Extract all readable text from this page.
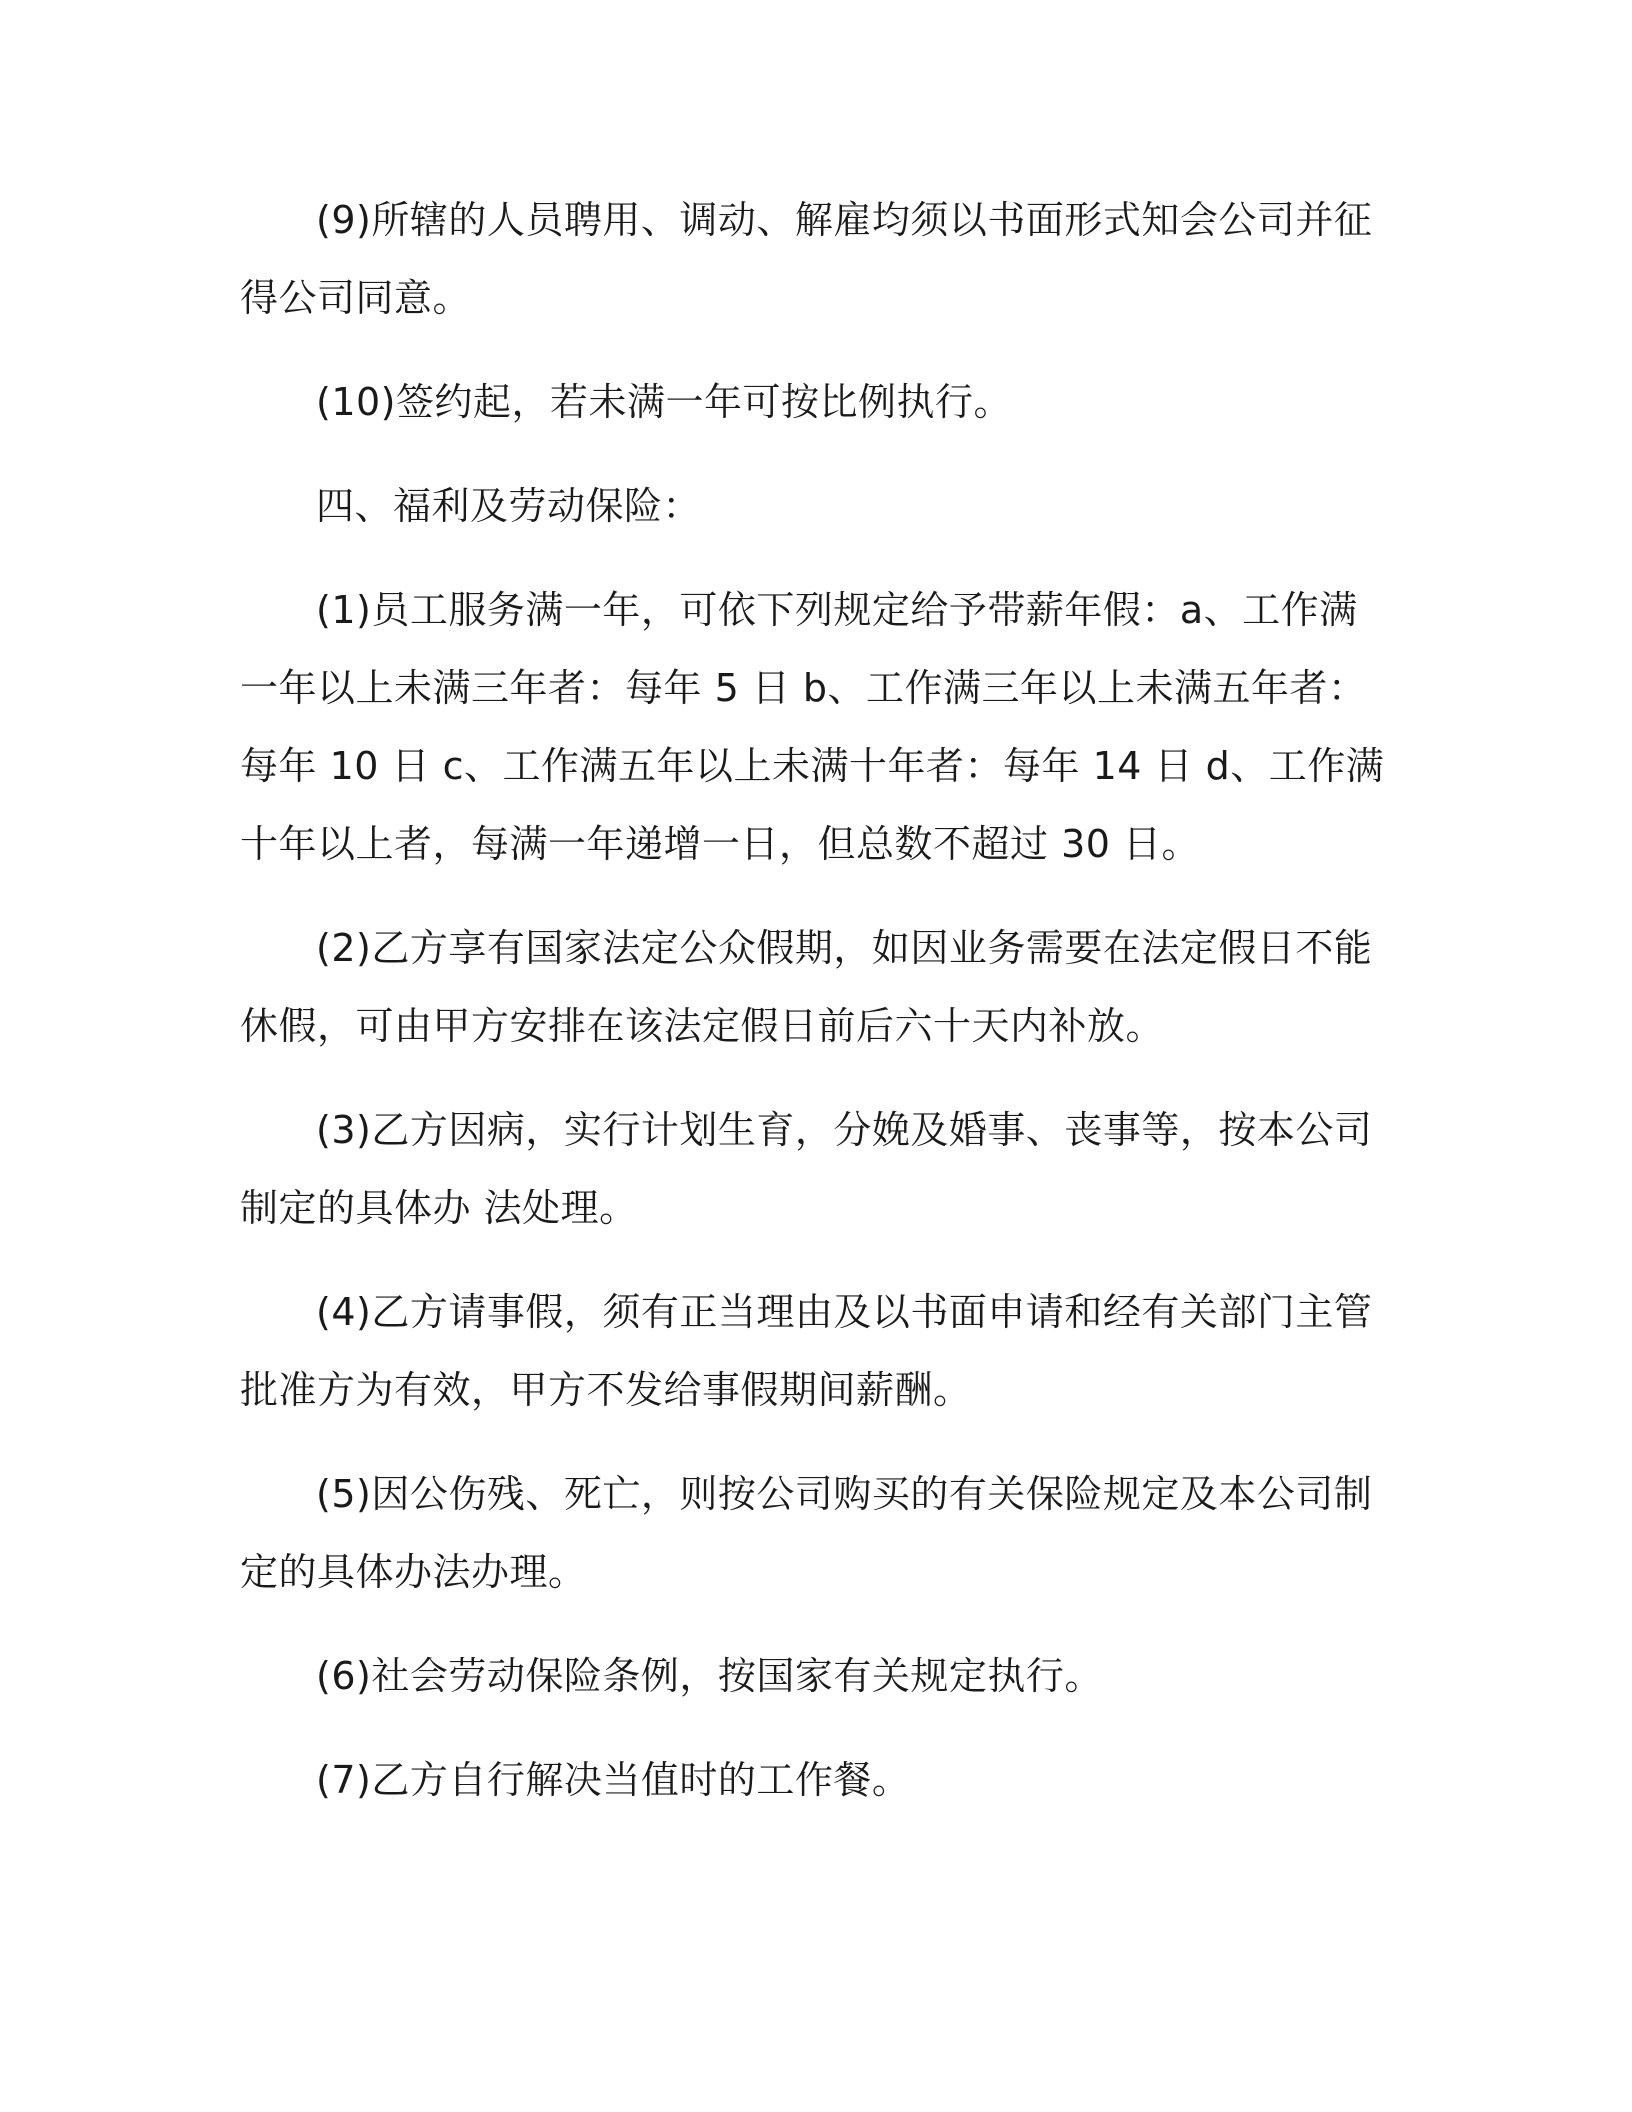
(9)所辖的人员聘用、调动、解雇均须以书面形式知会公司并征得公司同意。

(10)签约起，若未满一年可按比例执行。

四、福利及劳动保险：

(1)员工服务满一年，可依下列规定给予带薪年假：a、工作满一年以上未满三年者：每年 5 日 b、工作满三年以上未满五年者：每年 10 日 c、工作满五年以上未满十年者：每年 14 日 d、工作满十年以上者，每满一年递增一日，但总数不超过 30 日。

(2)乙方享有国家法定公众假期，如因业务需要在法定假日不能休假，可由甲方安排在该法定假日前后六十天内补放。

(3)乙方因病，实行计划生育，分娩及婚事、丧事等，按本公司制定的具体办 法处理。

(4)乙方请事假，须有正当理由及以书面申请和经有关部门主管批准方为有效，甲方不发给事假期间薪酬。

(5)因公伤残、死亡，则按公司购买的有关保险规定及本公司制定的具体办法办理。

(6)社会劳动保险条例，按国家有关规定执行。

(7)乙方自行解决当值时的工作餐。
